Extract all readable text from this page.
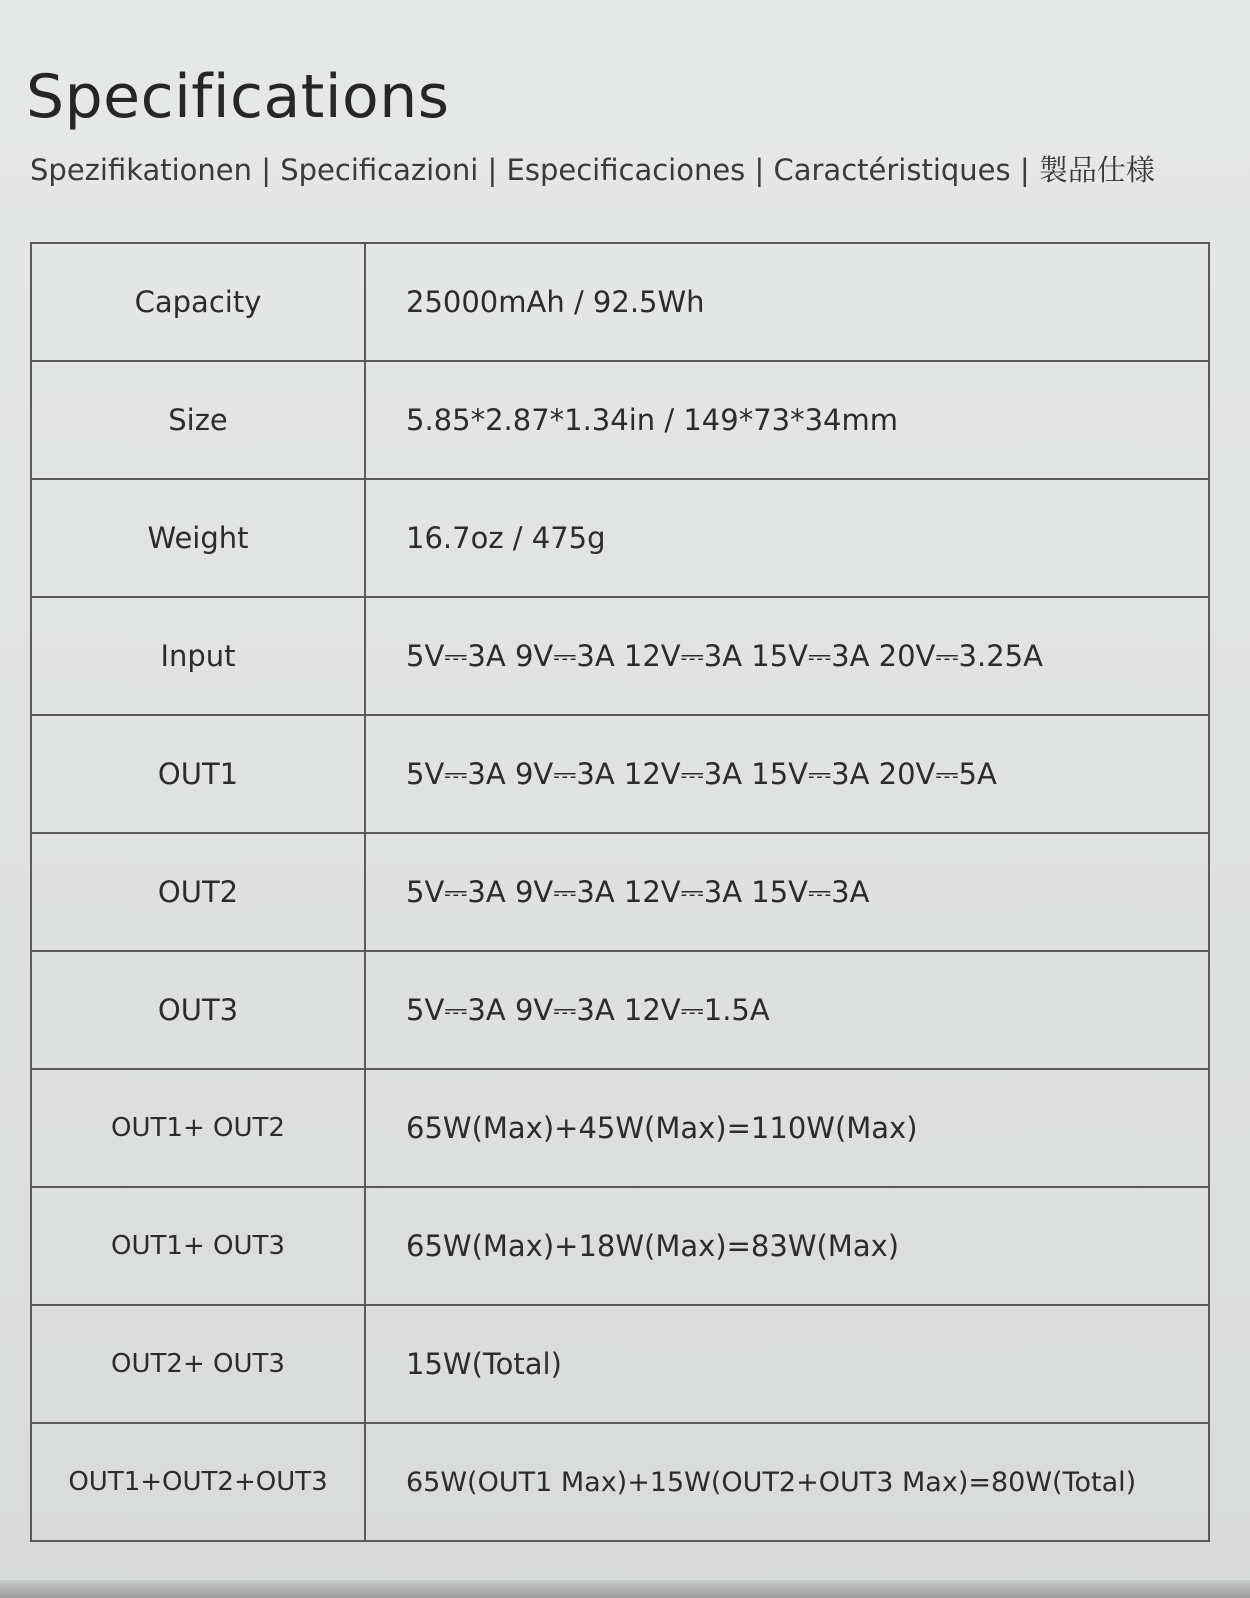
Specifications

Spezifikationen | Specificazioni | Especificaciones | Caractéristiques | 製品仕様

Capacity	25000mAh / 92.5Wh
Size	5.85*2.87*1.34in / 149*73*34mm
Weight	16.7oz / 475g
Input	5V⎓3A 9V⎓3A 12V⎓3A 15V⎓3A 20V⎓3.25A
OUT1	5V⎓3A 9V⎓3A 12V⎓3A 15V⎓3A 20V⎓5A
OUT2	5V⎓3A 9V⎓3A 12V⎓3A 15V⎓3A
OUT3	5V⎓3A 9V⎓3A 12V⎓1.5A
OUT1+ OUT2	65W(Max)+45W(Max)=110W(Max)
OUT1+ OUT3	65W(Max)+18W(Max)=83W(Max)
OUT2+ OUT3	15W(Total)
OUT1+OUT2+OUT3	65W(OUT1 Max)+15W(OUT2+OUT3 Max)=80W(Total)
